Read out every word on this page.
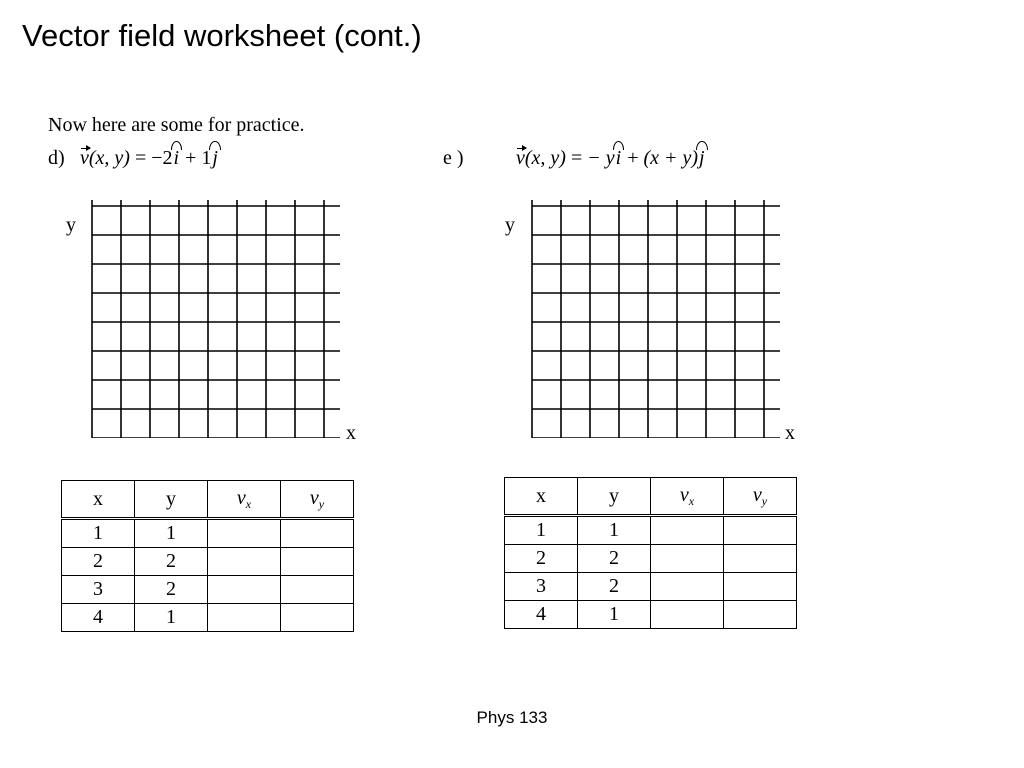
Vector field worksheet (cont.)
Now here are some for practice.
d) v(x, y) = −2i + 1j
y
x
x	y	$v_x$	$v_y$
1	1		
2	2		
3	2		
4	1		
e )	v(x, y) = − yi + (x + y)j
y
x
x	y	$v_x$	$v_y$
1	1		
2	2		
3	2		
4	1		
Phys 133
